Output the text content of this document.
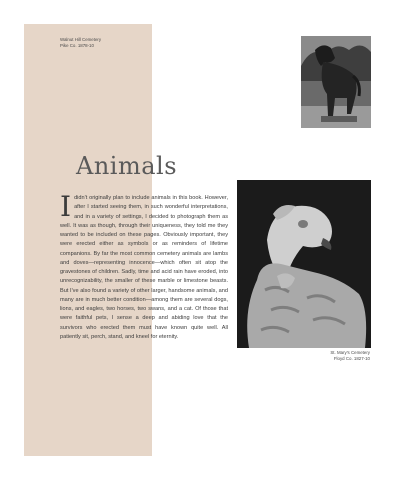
Walnut Hill Cemetery
Pike Co. 1878-10
St. Mary's Cemetery
Floyd Co. 1827-10
Animals
Ididn't originally plan to include animals in this book. However, after I started seeing them, in such wonderful interpretations, and in a variety of settings, I decided to photograph them as well. It was as though, through their uniqueness, they told me they wanted to be included on these pages. Obviously important, they were erected either as symbols or as reminders of lifetime companions. By far the most common cemetery animals are lambs and doves—representing innocence—which often sit atop the gravestones of children. Sadly, time and acid rain have eroded, into unrecognizability, the smaller of these marble or limestone beasts. But I've also found a variety of other larger, handsome animals, and many are in much better condition—among them are several dogs, lions, and eagles, two horses, two swans, and a cat. Of those that were faithful pets, I sense a deep and abiding love that the survivors who erected them must have known quite well. All patiently sit, perch, stand, and kneel for eternity.
